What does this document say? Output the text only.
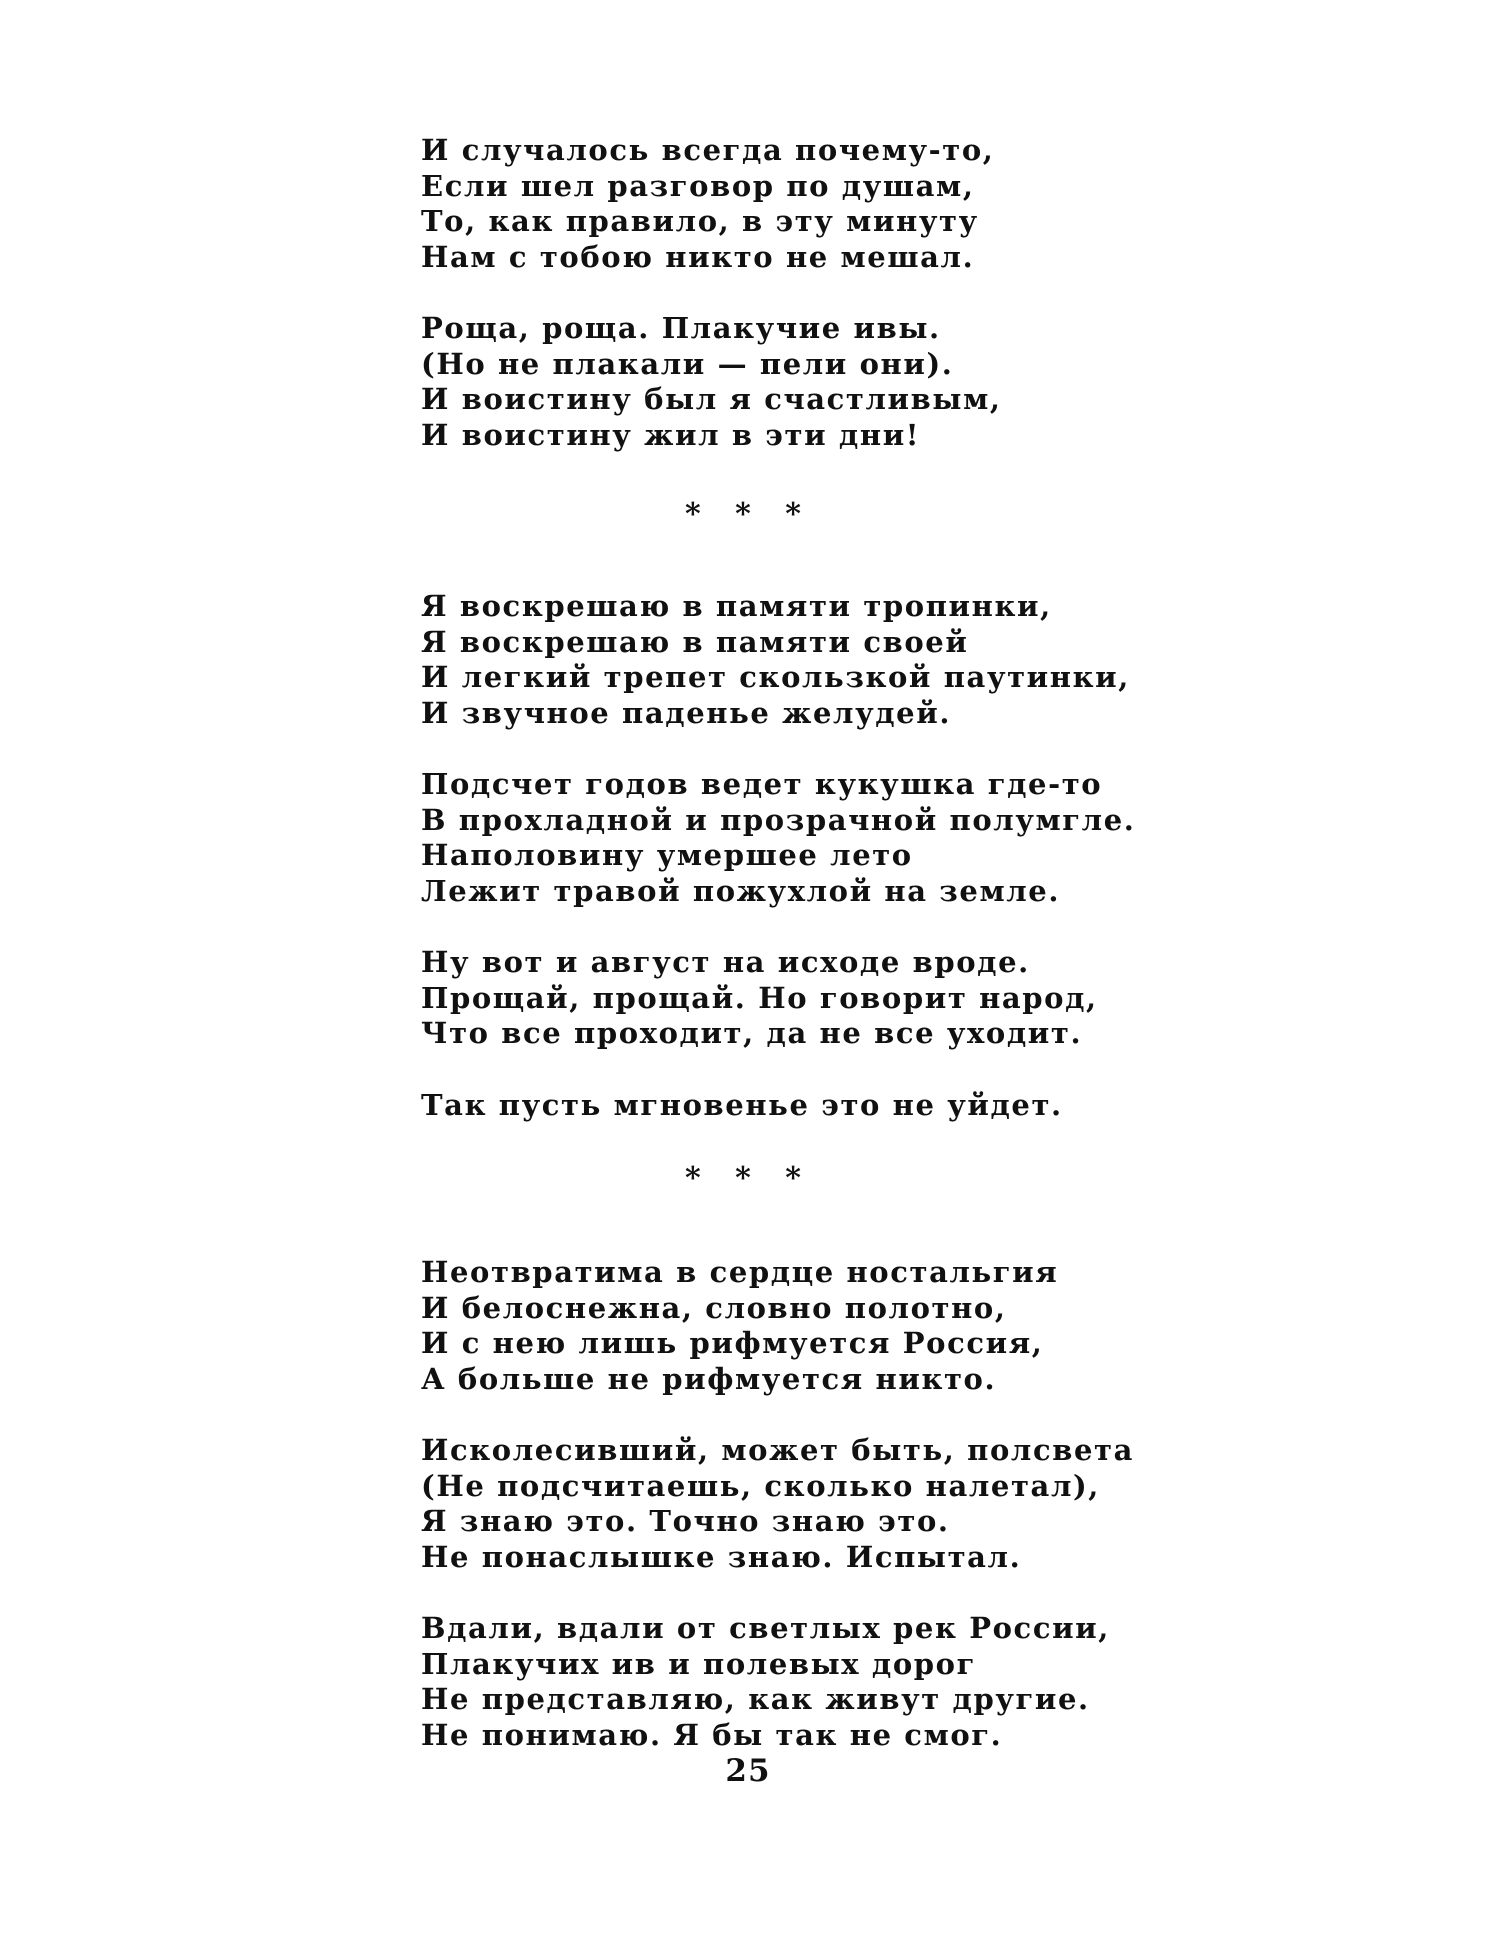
И случалось всегда почему-то,
Если шел разговор по душам,
То, как правило, в эту минуту
Нам с тобою никто не мешал.
Роща, роща. Плакучие ивы.
(Но не плакали — пели они).
И воистину был я счастливым,
И воистину жил в эти дни!
* * *
Я воскрешаю в памяти тропинки,
Я воскрешаю в памяти своей
И легкий трепет скользкой паутинки,
И звучное паденье желудей.
Подсчет годов ведет кукушка где-то
В прохладной и прозрачной полумгле.
Наполовину умершее лето
Лежит травой пожухлой на земле.
Ну вот и август на исходе вроде.
Прощай, прощай. Но говорит народ,
Что все проходит, да не все уходит.
Так пусть мгновенье это не уйдет.
* * *
Неотвратима в сердце ностальгия
И белоснежна, словно полотно,
И с нею лишь рифмуется Россия,
А больше не рифмуется никто.
Исколесивший, может быть, полсвета
(Не подсчитаешь, сколько налетал),
Я знаю это. Точно знаю это.
Не понаслышке знаю. Испытал.
Вдали, вдали от светлых рек России,
Плакучих ив и полевых дорог
Не представляю, как живут другие.
Не понимаю. Я бы так не смог.
25
